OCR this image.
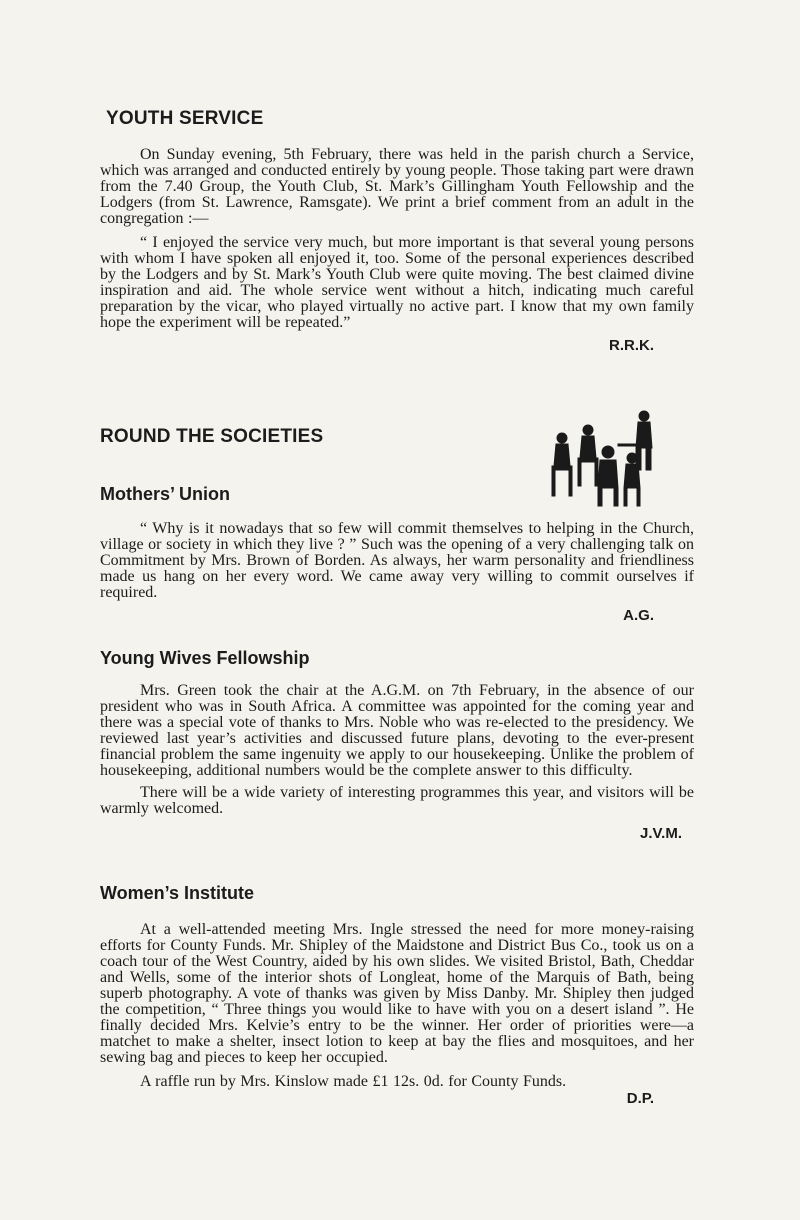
YOUTH SERVICE

On Sunday evening, 5th February, there was held in the parish church a Service, which was arranged and conducted entirely by young people. Those taking part were drawn from the 7.40 Group, the Youth Club, St. Mark’s Gillingham Youth Fellowship and the Lodgers (from St. Lawrence, Ramsgate). We print a brief comment from an adult in the congregation :—

“ I enjoyed the service very much, but more important is that several young persons with whom I have spoken all enjoyed it, too. Some of the personal experiences described by the Lodgers and by St. Mark’s Youth Club were quite moving. The best claimed divine inspiration and aid. The whole service went without a hitch, indicating much careful preparation by the vicar, who played virtually no active part. I know that my own family hope the experiment will be repeated.”

R.R.K.
ROUND THE SOCIETIES
Mothers’ Union

“ Why is it nowadays that so few will commit themselves to helping in the Church, village or society in which they live ? ” Such was the opening of a very challenging talk on Commitment by Mrs. Brown of Borden. As always, her warm personality and friendliness made us hang on her every word. We came away very willing to commit ourselves if required.

A.G.
Young Wives Fellowship

Mrs. Green took the chair at the A.G.M. on 7th February, in the absence of our president who was in South Africa. A committee was appointed for the coming year and there was a special vote of thanks to Mrs. Noble who was re-elected to the presidency. We reviewed last year’s activities and discussed future plans, devoting to the ever-present financial problem the same ingenuity we apply to our housekeeping. Unlike the problem of housekeeping, additional numbers would be the complete answer to this difficulty.

There will be a wide variety of interesting programmes this year, and visitors will be warmly welcomed.

J.V.M.
Women’s Institute

At a well-attended meeting Mrs. Ingle stressed the need for more money-raising efforts for County Funds. Mr. Shipley of the Maidstone and District Bus Co., took us on a coach tour of the West Country, aided by his own slides. We visited Bristol, Bath, Cheddar and Wells, some of the interior shots of Longleat, home of the Marquis of Bath, being superb photography. A vote of thanks was given by Miss Danby. Mr. Shipley then judged the competition, “ Three things you would like to have with you on a desert island ”. He finally decided Mrs. Kelvie’s entry to be the winner. Her order of priorities were—a matchet to make a shelter, insect lotion to keep at bay the flies and mosquitoes, and her sewing bag and pieces to keep her occupied.

A raffle run by Mrs. Kinslow made £1 12s. 0d. for County Funds.

D.P.
